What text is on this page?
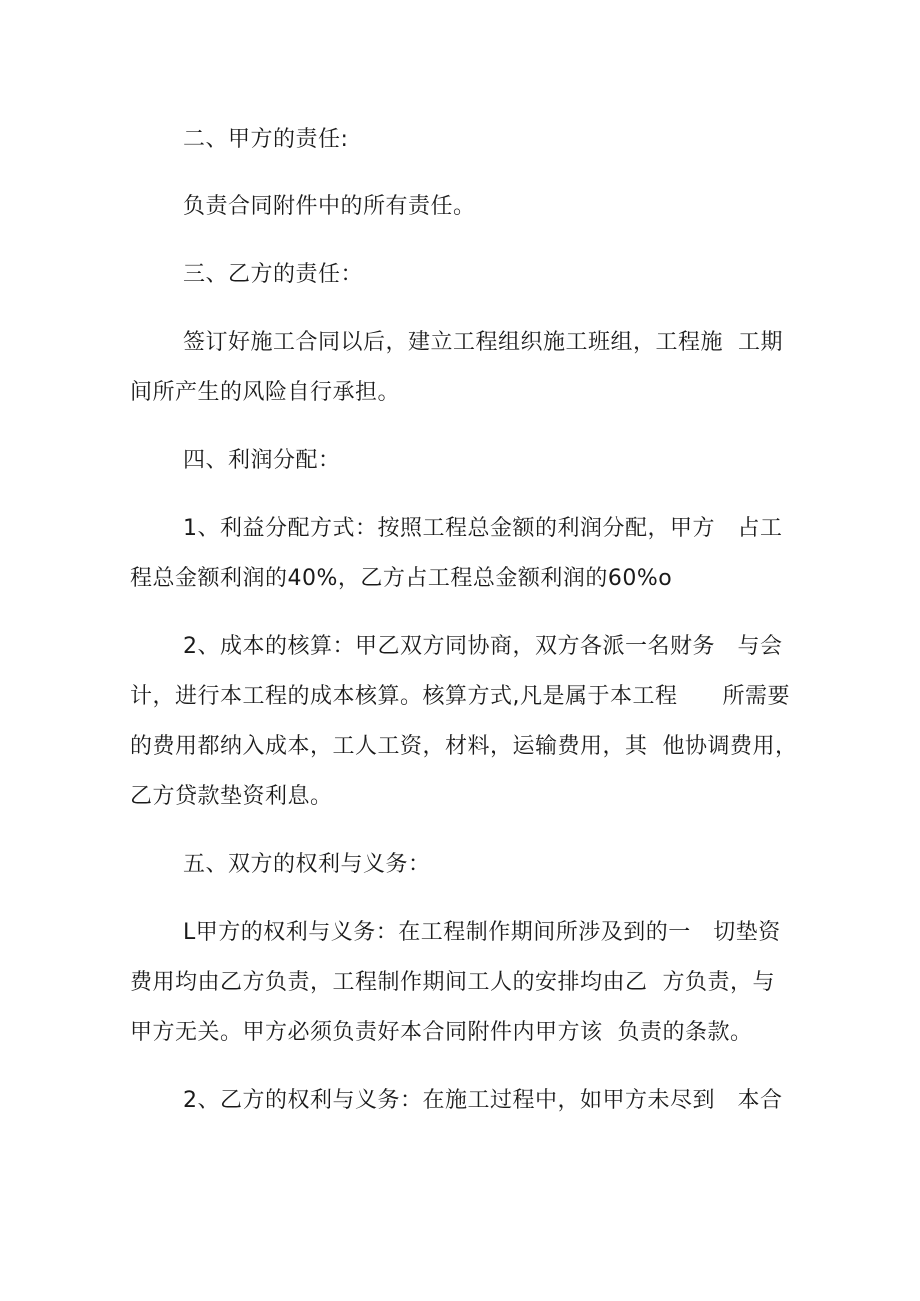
二、甲方的责任:
负责合同附件中的所有责任。
三、乙方的责任：
签订好施工合同以后，建立工程组织施工班组，工程施  工期
间所产生的风险自行承担。
四、利润分配：
1、利益分配方式：按照工程总金额的利润分配，甲方   占工
程总金额利润的40%，乙方占工程总金额利润的60%o
2、成本的核算：甲乙双方同协商，双方各派一名财务   与会
计，进行本工程的成本核算。核算方式,凡是属于本工程      所需要
的费用都纳入成本，工人工资，材料，运输费用，其  他协调费用，
乙方贷款垫资利息。
五、双方的权利与义务：
L甲方的权利与义务：在工程制作期间所涉及到的一   切垫资
费用均由乙方负责，工程制作期间工人的安排均由乙  方负责，与
甲方无关。甲方必须负责好本合同附件内甲方该  负责的条款。
2、乙方的权利与义务：在施工过程中，如甲方未尽到   本合
